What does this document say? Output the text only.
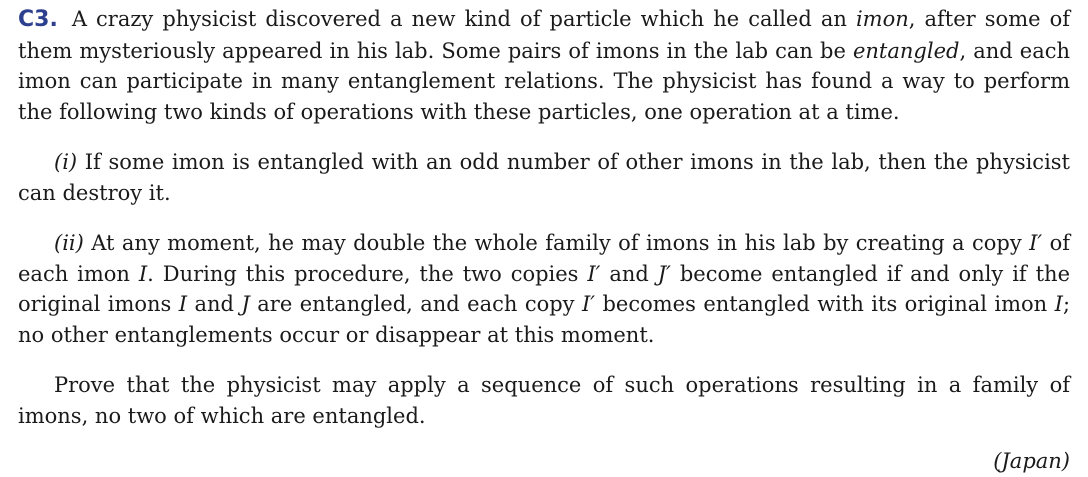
C3. A crazy physicist discovered a new kind of particle which he called an imon, after some of them mysteriously appeared in his lab. Some pairs of imons in the lab can be entangled, and each imon can participate in many entanglement relations. The physicist has found a way to perform the following two kinds of operations with these particles, one operation at a time.

(i) If some imon is entangled with an odd number of other imons in the lab, then the physicist can destroy it.

(ii) At any moment, he may double the whole family of imons in his lab by creating a copy I′ of each imon I. During this procedure, the two copies I′ and J′ become entangled if and only if the original imons I and J are entangled, and each copy I′ becomes entangled with its original imon I; no other entanglements occur or disappear at this moment.

Prove that the physicist may apply a sequence of such operations resulting in a family of imons, no two of which are entangled.

(Japan)
